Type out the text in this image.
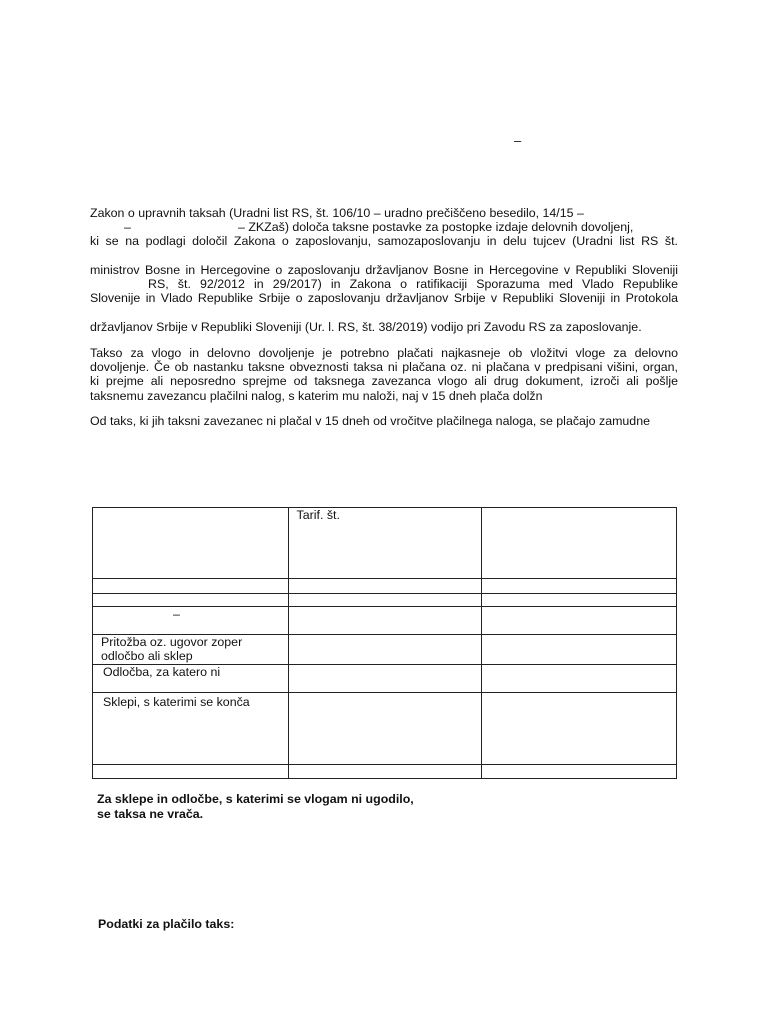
–
Zakon o upravnih taksah (Uradni list RS, št. 106/10 – uradno prečiščeno besedilo, 14/15 –
–	– ZKZaš) določa taksne postavke za postopke izdaje delovnih dovoljenj,
ki se na podlagi določil Zakona o zaposlovanju, samozaposlovanju in delu tujcev (Uradni list RS št.
ministrov Bosne in Hercegovine o zaposlovanju državljanov Bosne in Hercegovine v Republiki Sloveniji
RS, št. 92/2012 in 29/2017) in Zakona o ratifikaciji Sporazuma med Vlado Republike
Slovenije in Vlado Republike Srbije o zaposlovanju državljanov Srbije v Republiki Sloveniji in Protokola
državljanov Srbije v Republiki Sloveniji (Ur. l. RS, št. 38/2019) vodijo pri Zavodu RS za zaposlovanje.
Takso za vlogo in delovno dovoljenje je potrebno plačati najkasneje ob vložitvi vloge za delovno
dovoljenje. Če ob nastanku taksne obveznosti taksa ni plačana oz. ni plačana v predpisani višini, organ,
ki prejme ali neposredno sprejme od taksnega zavezanca vlogo ali drug dokument, izroči ali pošlje
taksnemu zavezancu plačilni nalog, s katerim mu naloži, naj v 15 dneh plača dolžn
Od taks, ki jih taksni zavezanec ni plačal v 15 dneh od vročitve plačilnega naloga, se plačajo zamudne

	Tarif. št.	

–		

Pritožba oz. ugovor zoper
odločbo ali sklep		

Odločba, za katero ni		

Sklepi, s katerimi se konča		

Za sklepe in odločbe, s katerimi se vlogam ni ugodilo,
se taksa ne vrača.
Podatki za plačilo taks:
